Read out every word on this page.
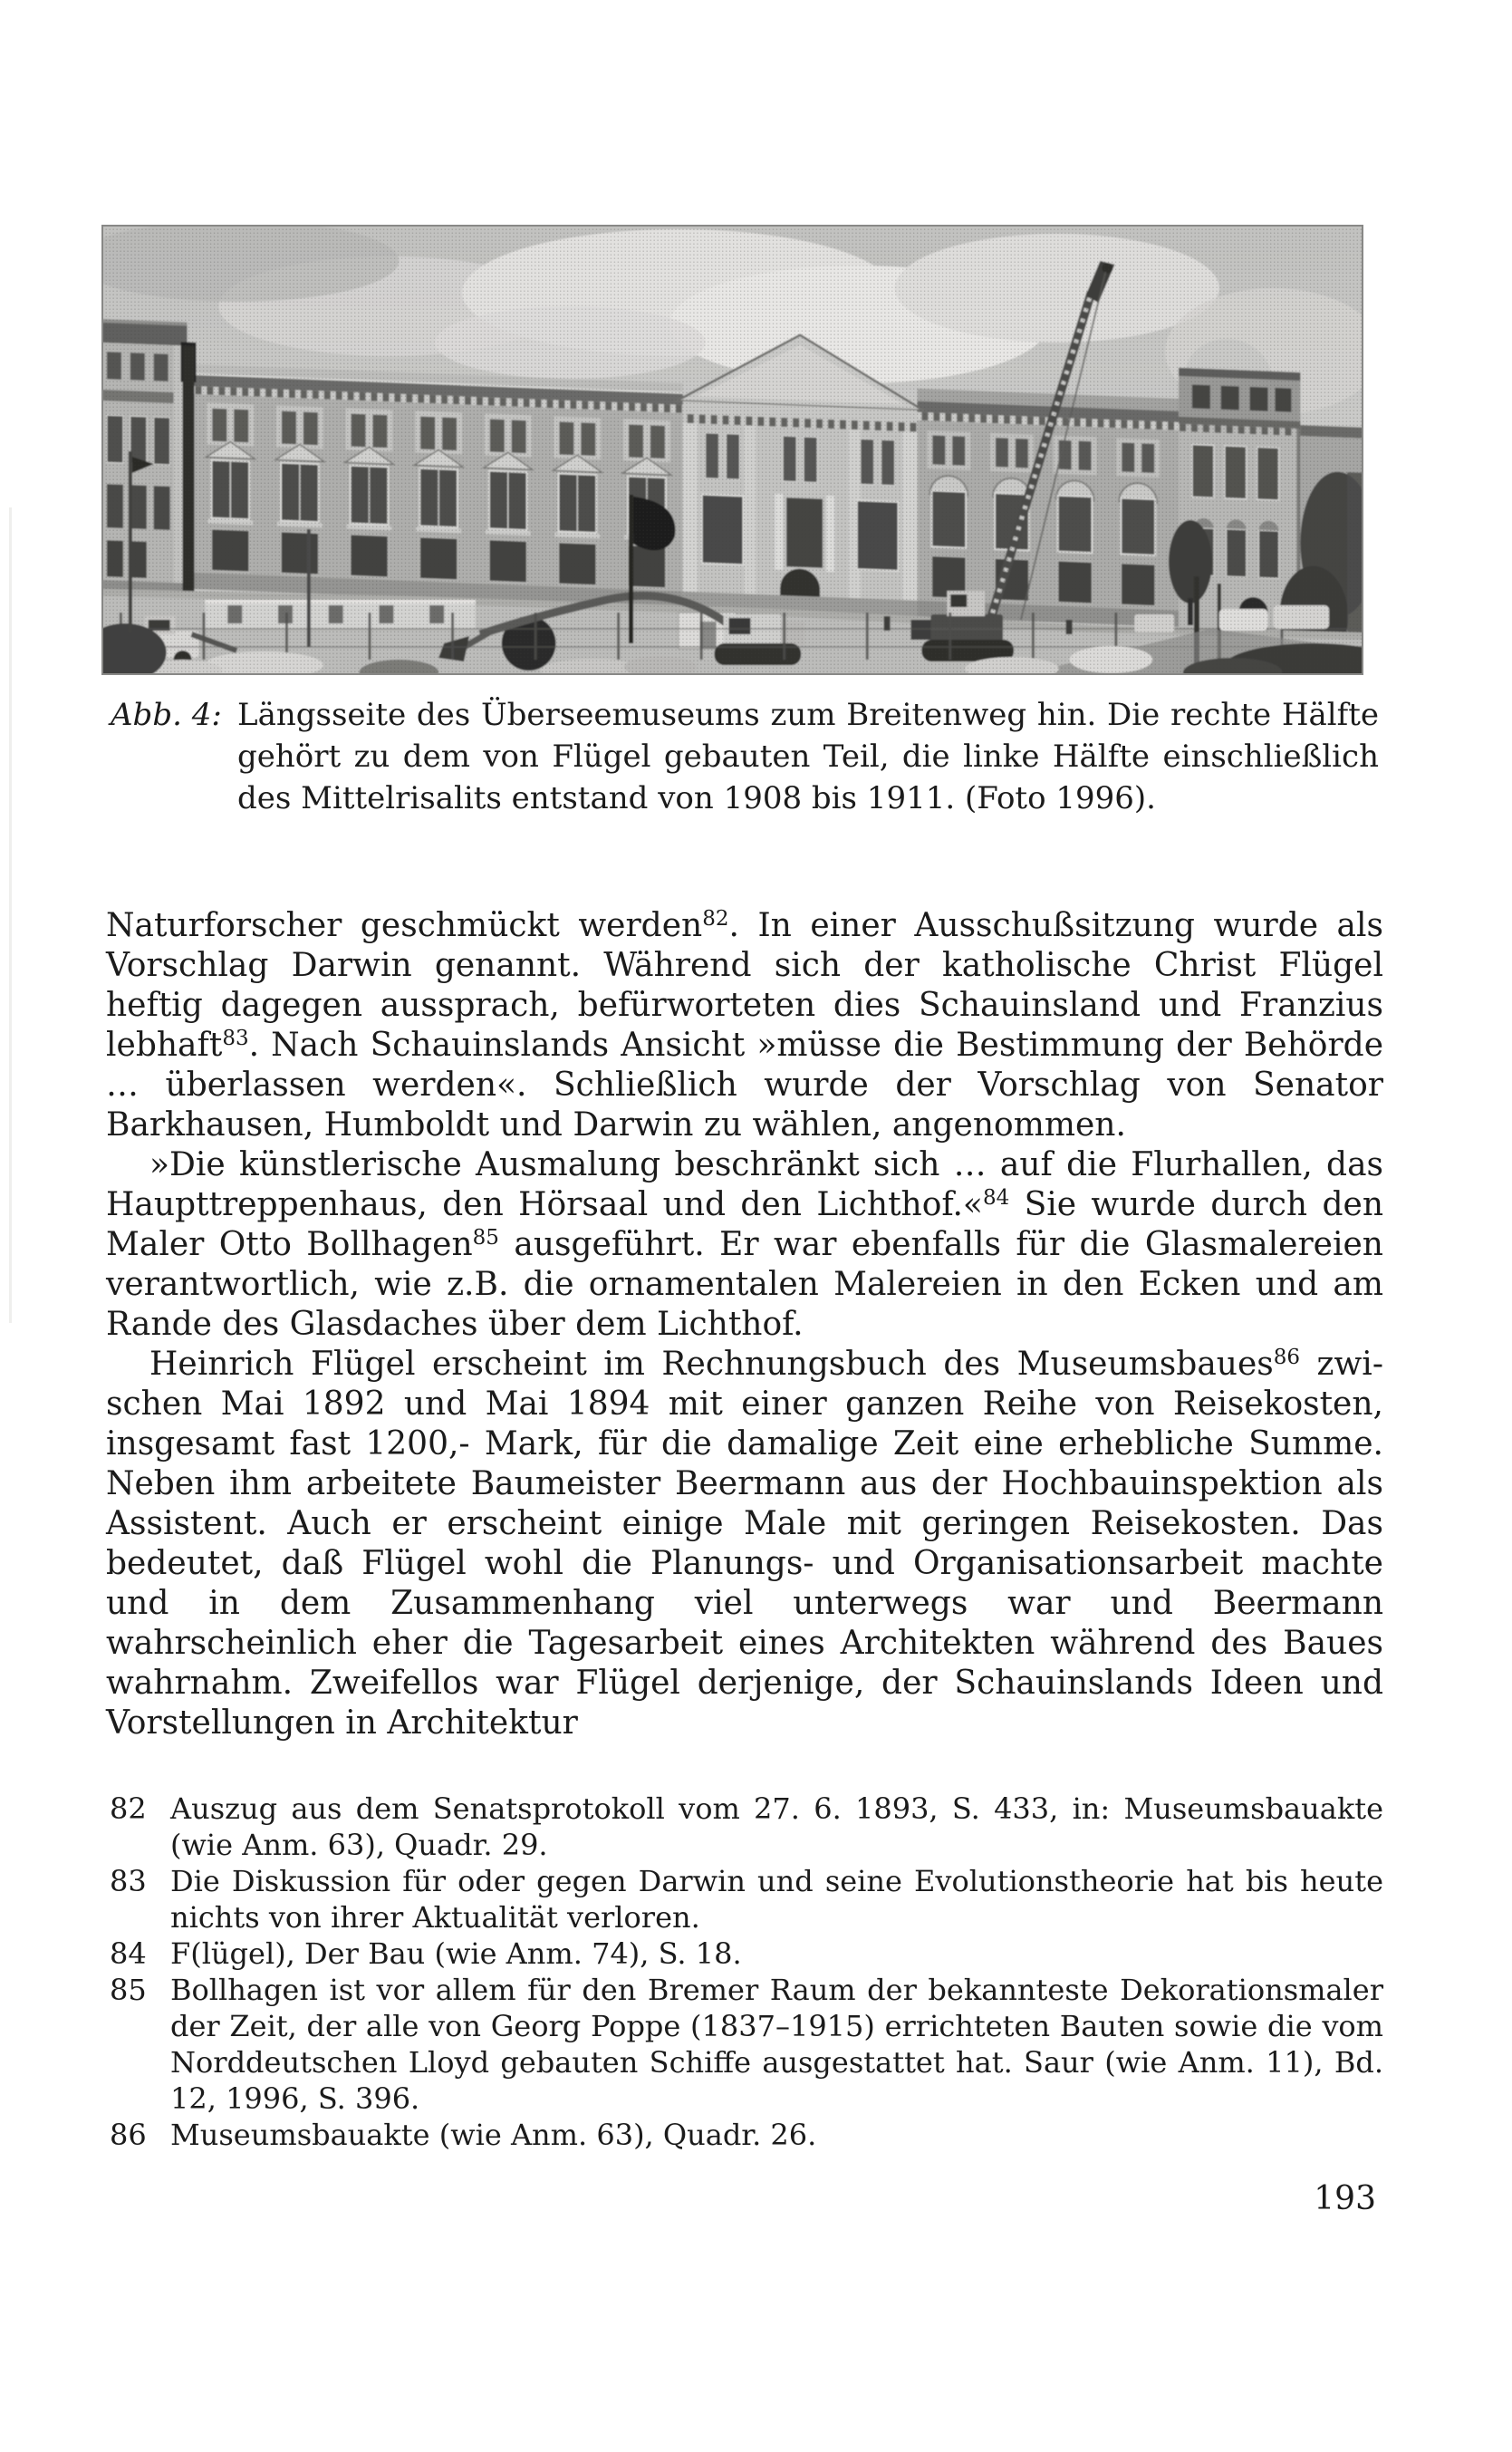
Abb. 4: Längsseite des Überseemuseums zum Breitenweg hin. Die rechte Hälfte gehört zu dem von Flügel gebauten Teil, die linke Hälfte einschließlich des Mittelrisalits entstand von 1908 bis 1911. (Foto 1996).

Naturforscher geschmückt werden$^{82}$. In einer Ausschußsitzung wurde als Vorschlag Darwin genannt. Während sich der katholische Christ Flügel heftig dagegen aussprach, befürworteten dies Schauinsland und Franzius lebhaft$^{83}$. Nach Schauinslands Ansicht »müsse die Bestimmung der Behörde … überlassen werden«. Schließlich wurde der Vorschlag von Senator Barkhausen, Humboldt und Darwin zu wählen, angenommen.

»Die künstlerische Ausmalung beschränkt sich … auf die Flurhallen, das Haupttreppenhaus, den Hörsaal und den Lichthof.«$^{84}$ Sie wurde durch den Maler Otto Bollhagen$^{85}$ ausgeführt. Er war ebenfalls für die Glasmalereien verantwortlich, wie z.B. die ornamentalen Malereien in den Ecken und am Rande des Glasdaches über dem Lichthof.

Heinrich Flügel erscheint im Rechnungsbuch des Museumsbaues$^{86}$ zwischen Mai 1892 und Mai 1894 mit einer ganzen Reihe von Reisekosten, insgesamt fast 1200,- Mark, für die damalige Zeit eine erhebliche Summe. Neben ihm arbeitete Baumeister Beermann aus der Hochbauinspektion als Assistent. Auch er erscheint einige Male mit geringen Reisekosten. Das bedeutet, daß Flügel wohl die Planungs- und Organisationsarbeit machte und in dem Zusammenhang viel unterwegs war und Beermann wahrscheinlich eher die Tagesarbeit eines Architekten während des Baues wahrnahm. Zweifellos war Flügel derjenige, der Schauinslands Ideen und Vorstellungen in Architektur

82 Auszug aus dem Senatsprotokoll vom 27. 6. 1893, S. 433, in: Museumsbauakte (wie Anm. 63), Quadr. 29.
83 Die Diskussion für oder gegen Darwin und seine Evolutionstheorie hat bis heute nichts von ihrer Aktualität verloren.
84 F(lügel), Der Bau (wie Anm. 74), S. 18.
85 Bollhagen ist vor allem für den Bremer Raum der bekannteste Dekorationsmaler der Zeit, der alle von Georg Poppe (1837–1915) errichteten Bauten sowie die vom Norddeutschen Lloyd gebauten Schiffe ausgestattet hat. Saur (wie Anm. 11), Bd. 12, 1996, S. 396.
86 Museumsbauakte (wie Anm. 63), Quadr. 26.
193
